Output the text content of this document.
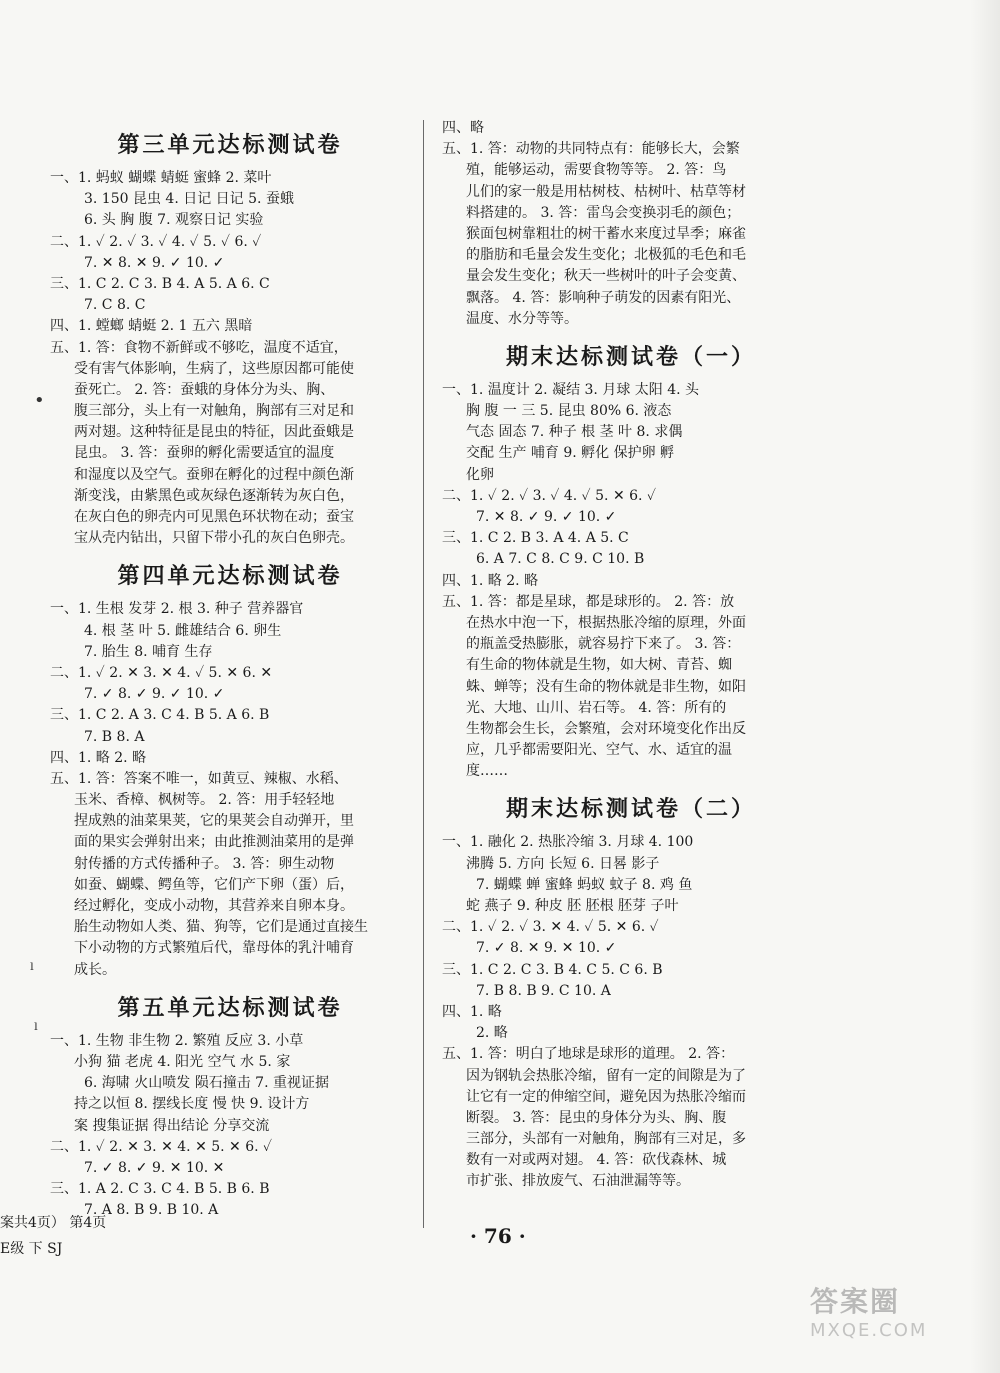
第三单元达标测试卷
一、1. 蚂蚁 蝴蝶 蜻蜓 蜜蜂 2. 菜叶
3. 150 昆虫 4. 日记 日记 5. 蚕蛾
6. 头 胸 腹 7. 观察日记 实验
二、1. ✓ 2. ✓ 3. ✓ 4. ✓ 5. ✓ 6. ✓
7. ✕ 8. ✕ 9. ✓ 10. ✓
三、1. C 2. C 3. B 4. A 5. A 6. C
7. C 8. C
四、1. 螳螂 蜻蜓 2. 1 五六 黑暗
五、1. 答：食物不新鲜或不够吃，温度不适宜，
受有害气体影响，生病了，这些原因都可能使
蚕死亡。 2. 答：蚕蛾的身体分为头、胸、
腹三部分，头上有一对触角，胸部有三对足和
两对翅。这种特征是昆虫的特征，因此蚕蛾是
昆虫。 3. 答：蚕卵的孵化需要适宜的温度
和湿度以及空气。蚕卵在孵化的过程中颜色渐
渐变浅，由紫黑色或灰绿色逐渐转为灰白色，
在灰白色的卵壳内可见黑色环状物在动；蚕宝
宝从壳内钻出，只留下带小孔的灰白色卵壳。
第四单元达标测试卷
一、1. 生根 发芽 2. 根 3. 种子 营养器官
4. 根 茎 叶 5. 雌雄结合 6. 卵生
7. 胎生 8. 哺育 生存
二、1. ✓ 2. ✕ 3. ✕ 4. ✓ 5. ✕ 6. ✕
7. ✓ 8. ✓ 9. ✓ 10. ✓
三、1. C 2. A 3. C 4. B 5. A 6. B
7. B 8. A
四、1. 略 2. 略
五、1. 答：答案不唯一，如黄豆、辣椒、水稻、
玉米、香樟、枫树等。 2. 答：用手轻轻地
捏成熟的油菜果荚，它的果荚会自动弹开，里
面的果实会弹射出来；由此推测油菜用的是弹
射传播的方式传播种子。 3. 答：卵生动物
如蚕、蝴蝶、鳄鱼等，它们产下卵（蛋）后，
经过孵化，变成小动物，其营养来自卵本身。
胎生动物如人类、猫、狗等，它们是通过直接生
下小动物的方式繁殖后代，靠母体的乳汁哺育
成长。
第五单元达标测试卷
一、1. 生物 非生物 2. 繁殖 反应 3. 小草
小狗 猫 老虎 4. 阳光 空气 水 5. 家
6. 海啸 火山喷发 陨石撞击 7. 重视证据
持之以恒 8. 摆线长度 慢 快 9. 设计方
案 搜集证据 得出结论 分享交流
二、1. ✓ 2. ✕ 3. ✕ 4. ✕ 5. ✕ 6. ✓
7. ✓ 8. ✓ 9. ✕ 10. ✕
三、1. A 2. C 3. C 4. B 5. B 6. B
7. A 8. B 9. B 10. A
四、略
五、1. 答：动物的共同特点有：能够长大，会繁
殖，能够运动，需要食物等等。 2. 答：鸟
儿们的家一般是用枯树枝、枯树叶、枯草等材
料搭建的。 3. 答：雷鸟会变换羽毛的颜色；
猴面包树靠粗壮的树干蓄水来度过旱季；麻雀
的脂肪和毛量会发生变化；北极狐的毛色和毛
量会发生变化；秋天一些树叶的叶子会变黄、
飘落。 4. 答：影响种子萌发的因素有阳光、
温度、水分等等。
期末达标测试卷（一）
一、1. 温度计 2. 凝结 3. 月球 太阳 4. 头
胸 腹 一 三 5. 昆虫 80% 6. 液态
气态 固态 7. 种子 根 茎 叶 8. 求偶
交配 生产 哺育 9. 孵化 保护卵 孵
化卵
二、1. ✓ 2. ✓ 3. ✓ 4. ✓ 5. ✕ 6. ✓
7. ✕ 8. ✓ 9. ✓ 10. ✓
三、1. C 2. B 3. A 4. A 5. C
6. A 7. C 8. C 9. C 10. B
四、1. 略 2. 略
五、1. 答：都是星球，都是球形的。 2. 答：放
在热水中泡一下，根据热胀冷缩的原理，外面
的瓶盖受热膨胀，就容易拧下来了。 3. 答：
有生命的物体就是生物，如大树、青苔、蜘
蛛、蝉等；没有生命的物体就是非生物，如阳
光、大地、山川、岩石等。 4. 答：所有的
生物都会生长，会繁殖，会对环境变化作出反
应，几乎都需要阳光、空气、水、适宜的温
度……
期末达标测试卷（二）
一、1. 融化 2. 热胀冷缩 3. 月球 4. 100
沸腾 5. 方向 长短 6. 日晷 影子
7. 蝴蝶 蝉 蜜蜂 蚂蚁 蚊子 8. 鸡 鱼
蛇 燕子 9. 种皮 胚 胚根 胚芽 子叶
二、1. ✓ 2. ✓ 3. ✕ 4. ✓ 5. ✕ 6. ✓
7. ✓ 8. ✕ 9. ✕ 10. ✓
三、1. C 2. C 3. B 4. C 5. C 6. B
7. B 8. B 9. C 10. A
四、1. 略
2. 略
五、1. 答：明白了地球是球形的道理。 2. 答：
因为钢轨会热胀冷缩，留有一定的间隙是为了
让它有一定的伸缩空间，避免因为热胀冷缩而
断裂。 3. 答：昆虫的身体分为头、胸、腹
三部分，头部有一对触角，胸部有三对足，多
数有一对或两对翅。 4. 答：砍伐森林、城
市扩张、排放废气、石油泄漏等等。
案共4页） 第4页
E级 下 SJ
· 76 ·
•
ˡ
ˡ
答案圈
MXQE.COM
